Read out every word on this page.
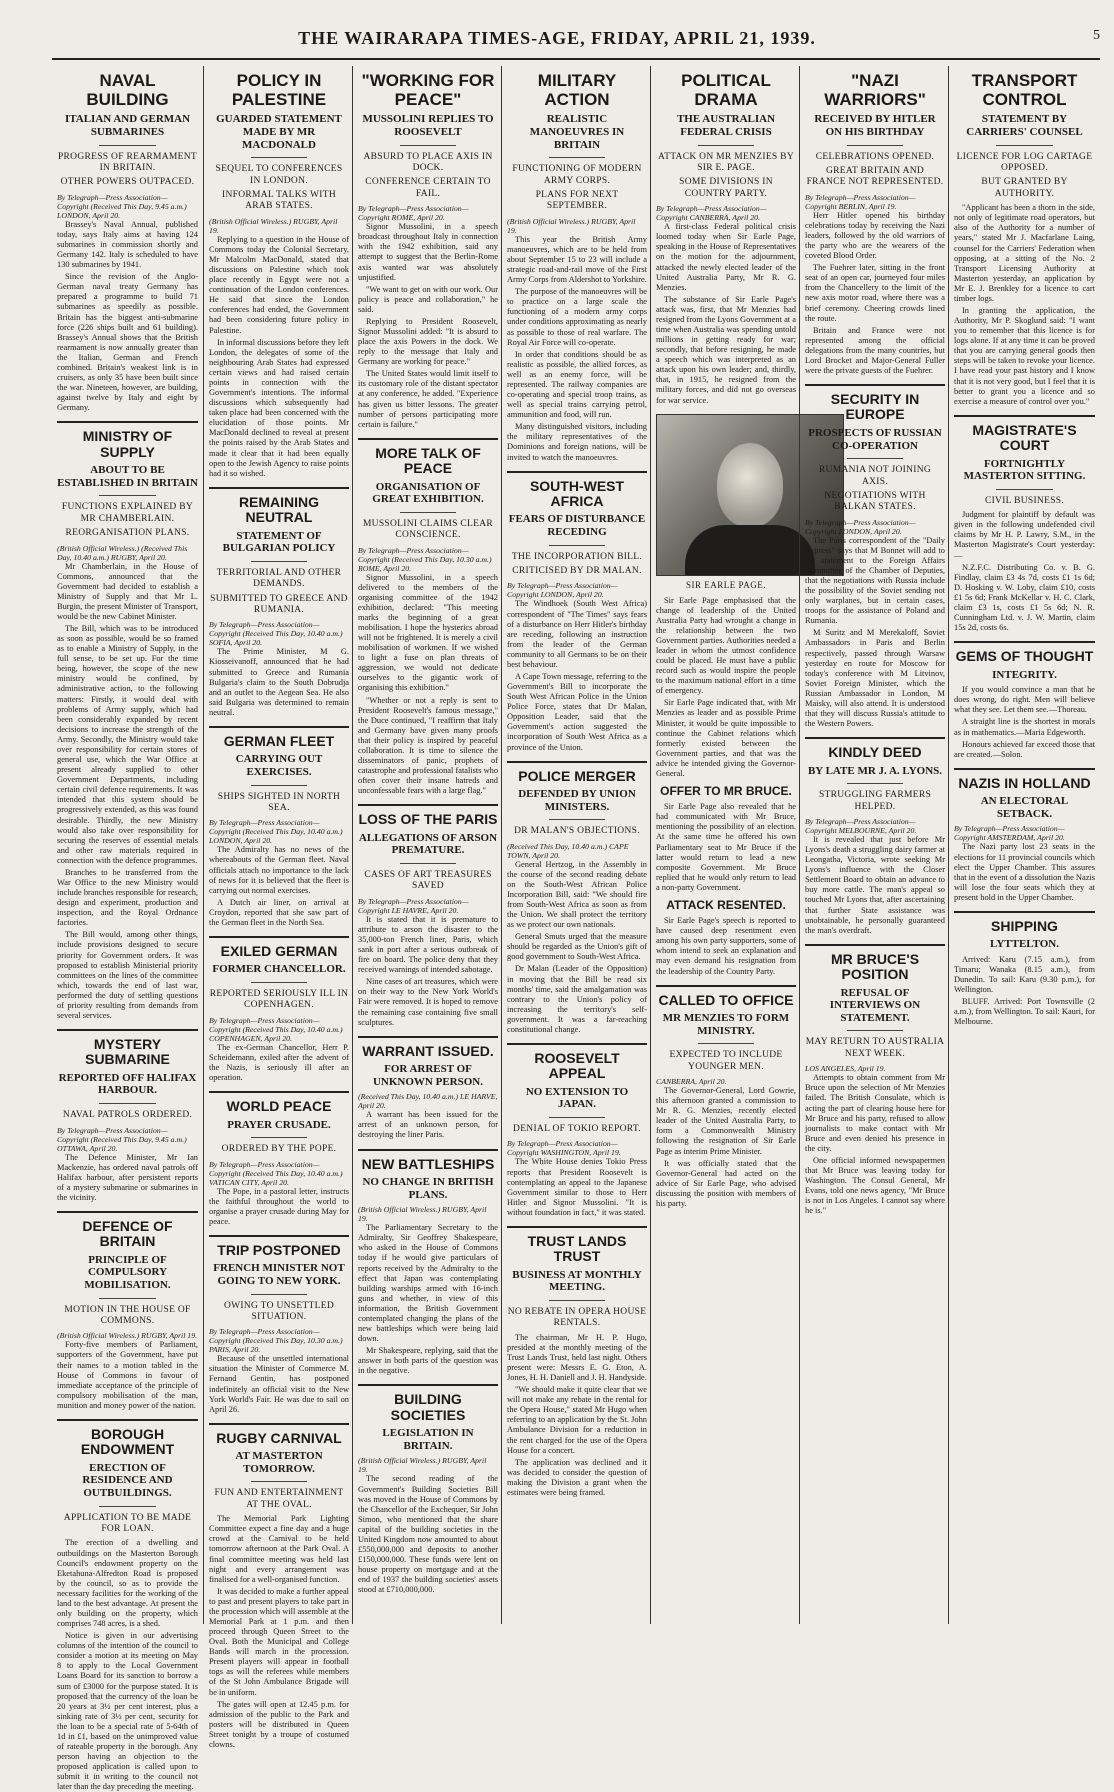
THE WAIRARAPA TIMES-AGE, FRIDAY, APRIL 21, 1939.	5
NAVAL BUILDING
ITALIAN AND GERMAN SUBMARINES
PROGRESS OF REARMAMENT IN BRITAIN.
OTHER POWERS OUTPACED.
By Telegraph—Press Association—Copyright (Received This Day, 9.45 a.m.) LONDON, April 20.

Brassey's Naval Annual, published today, says Italy aims at having 124 submarines in commission shortly and Germany 142. Italy is scheduled to have 130 submarines by 1941.

Since the revision of the Anglo-German naval treaty Germany has prepared a programme to build 71 submarines as speedily as possible. Britain has the biggest anti-submarine force (226 ships built and 61 building). Brassey's Annual shows that the British rearmament is now annually greater than the Italian, German and French combined. Britain's weakest link is in cruisers, as only 35 have been built since the war. Nineteen, however, are building, against twelve by Italy and eight by Germany.

MINISTRY OF SUPPLY
ABOUT TO BE ESTABLISHED IN BRITAIN
FUNCTIONS EXPLAINED BY MR CHAMBERLAIN.
REORGANISATION PLANS.
(British Official Wireless.) (Received This Day, 10.40 a.m.) RUGBY, April 20.

Mr Chamberlain, in the House of Commons, announced that the Government had decided to establish a Ministry of Supply and that Mr L. Burgin, the present Minister of Transport, would be the new Cabinet Minister.

The Bill, which was to be introduced as soon as possible, would be so framed as to enable a Ministry of Supply, in the full sense, to be set up. For the time being, however, the scope of the new ministry would be confined, by administrative action, to the following matters: Firstly, it would deal with problems of Army supply, which had been considerably expanded by recent decisions to increase the strength of the Army. Secondly, the Ministry would take over responsibility for certain stores of general use, which the War Office at present already supplied to other Government Departments, including certain civil defence requirements. It was intended that this system should be progressively extended, as this was found desirable. Thirdly, the new Ministry would also take over responsibility for securing the reserves of essential metals and other raw materials required in connection with the defence programmes.

Branches to be transferred from the War Office to the new Ministry would include branches responsible for research, design and experiment, production and inspection, and the Royal Ordnance factories.

The Bill would, among other things, include provisions designed to secure priority for Government orders. It was proposed to establish Ministerial priority committees on the lines of the committee which, towards the end of last war, performed the duty of settling questions of priority resulting from demands from several services.

MYSTERY SUBMARINE
REPORTED OFF HALIFAX HARBOUR.
NAVAL PATROLS ORDERED.
By Telegraph—Press Association—Copyright (Received This Day, 9.45 a.m.) OTTAWA, April 20.

The Defence Minister, Mr Ian Mackenzie, has ordered naval patrols off Halifax harbour, after persistent reports of a mystery submarine or submarines in the vicinity.

DEFENCE OF BRITAIN
PRINCIPLE OF COMPULSORY MOBILISATION.
MOTION IN THE HOUSE OF COMMONS.
(British Official Wireless.) RUGBY, April 19.

Forty-five members of Parliament, supporters of the Government, have put their names to a motion tabled in the House of Commons in favour of immediate acceptance of the principle of compulsory mobilisation of the man, munition and money power of the nation.

BOROUGH ENDOWMENT
ERECTION OF RESIDENCE AND OUTBUILDINGS.
APPLICATION TO BE MADE FOR LOAN.

The erection of a dwelling and outbuildings on the Masterton Borough Council's endowment property on the Eketahuna-Alfredton Road is proposed by the council, so as to provide the necessary facilities for the working of the land to the best advantage. At present the only building on the property, which comprises 748 acres, is a shed.

Notice is given in our advertising columns of the intention of the council to consider a motion at its meeting on May 8 to apply to the Local Government Loans Board for its sanction to borrow a sum of £3000 for the purpose stated. It is proposed that the currency of the loan be 20 years at 3½ per cent interest, plus a sinking rate of 3½ per cent, security for the loan to be a special rate of 5-64th of 1d in £1, based on the unimproved value of rateable property in the borough. Any person having an objection to the proposed application is called upon to submit it in writing to the council not later than the day preceding the meeting.

POLICY IN PALESTINE
GUARDED STATEMENT MADE BY MR MACDONALD
SEQUEL TO CONFERENCES IN LONDON.
INFORMAL TALKS WITH ARAB STATES.
(British Official Wireless.) RUGBY, April 19.

Replying to a question in the House of Commons today the Colonial Secretary, Mr Malcolm MacDonald, stated that discussions on Palestine which took place recently in Egypt were not a continuation of the London conferences. He said that since the London conferences had ended, the Government had been considering future policy in Palestine.

In informal discussions before they left London, the delegates of some of the neighbouring Arab States had expressed certain views and had raised certain points in connection with the Government's intentions. The informal discussions which subsequently had taken place had been concerned with the elucidation of those points. Mr MacDonald declined to reveal at present the points raised by the Arab States and made it clear that it had been equally open to the Jewish Agency to raise points had it so wished.

REMAINING NEUTRAL
STATEMENT OF BULGARIAN POLICY
TERRITORIAL AND OTHER DEMANDS.
SUBMITTED TO GREECE AND RUMANIA.
By Telegraph—Press Association—Copyright (Received This Day, 10.40 a.m.) SOFIA, April 20.

The Prime Minister, M G. Kiosseivanoff, announced that he had submitted to Greece and Rumania Bulgaria's claim to the South Dobrudja and an outlet to the Aegean Sea. He also said Bulgaria was determined to remain neutral.

GERMAN FLEET
CARRYING OUT EXERCISES.
SHIPS SIGHTED IN NORTH SEA.
By Telegraph—Press Association—Copyright (Received This Day, 10.40 a.m.) LONDON, April 20.

The Admiralty has no news of the whereabouts of the German fleet. Naval officials attach no importance to the lack of news for it is believed that the fleet is carrying out normal exercises.

A Dutch air liner, on arrival at Croydon, reported that she saw part of the German fleet in the North Sea.

EXILED GERMAN
FORMER CHANCELLOR.
REPORTED SERIOUSLY ILL IN COPENHAGEN.
By Telegraph—Press Association—Copyright (Received This Day, 10.40 a.m.) COPENHAGEN, April 20.

The ex-German Chancellor, Herr P. Scheidemann, exiled after the advent of the Nazis, is seriously ill after an operation.

WORLD PEACE
PRAYER CRUSADE.
ORDERED BY THE POPE.
By Telegraph—Press Association—Copyright (Received This Day, 10.40 a.m.) VATICAN CITY, April 20.

The Pope, in a pastoral letter, instructs the faithful throughout the world to organise a prayer crusade during May for peace.

TRIP POSTPONED
FRENCH MINISTER NOT GOING TO NEW YORK.
OWING TO UNSETTLED SITUATION.
By Telegraph—Press Association—Copyright (Received This Day, 10.30 a.m.) PARIS, April 20.

Because of the unsettled international situation the Minister of Commerce M. Fernand Gentin, has postponed indefinitely an official visit to the New York World's Fair. He was due to sail on April 26.

RUGBY CARNIVAL
AT MASTERTON TOMORROW.
FUN AND ENTERTAINMENT AT THE OVAL.

The Memorial Park Lighting Committee expect a fine day and a huge crowd at the Carnival to be held tomorrow afternoon at the Park Oval. A final committee meeting was held last night and every arrangement was finalised for a well-organised function.

It was decided to make a further appeal to past and present players to take part in the procession which will assemble at the Memorial Park at 1 p.m. and then proceed through Queen Street to the Oval. Both the Municipal and College Bands will march in the procession. Present players will appear in football togs as will the referees while members of the St John Ambulance Brigade will be in uniform.

The gates will open at 12.45 p.m. for admission of the public to the Park and posters will be distributed in Queen Street tonight by a troupe of costumed clowns.

"WORKING FOR PEACE"
MUSSOLINI REPLIES TO ROOSEVELT
ABSURD TO PLACE AXIS IN DOCK.
CONFERENCE CERTAIN TO FAIL.
By Telegraph—Press Association—Copyright ROME, April 20.

Signor Mussolini, in a speech broadcast throughout Italy in connection with the 1942 exhibition, said any attempt to suggest that the Berlin-Rome axis wanted war was absolutely unjustified.

"We want to get on with our work. Our policy is peace and collaboration," he said.

Replying to President Roosevelt, Signor Mussolini added: "It is absurd to place the axis Powers in the dock. We reply to the message that Italy and Germany are working for peace."

The United States would limit itself to its customary role of the distant spectator at any conference, he added. "Experience has given us bitter lessons. The greater number of persons participating more certain is failure."

MORE TALK OF PEACE
ORGANISATION OF GREAT EXHIBITION.
MUSSOLINI CLAIMS CLEAR CONSCIENCE.
By Telegraph—Press Association—Copyright (Received This Day, 10.30 a.m.) ROME, April 20.

Signor Mussolini, in a speech delivered to the members of the organising committee of the 1942 exhibition, declared: "This meeting marks the beginning of a great mobilisation. I hope the hysterics abroad will not be frightened. It is merely a civil mobilisation of workmen. If we wished to light a fuse on plan threats of aggression, we would not dedicate ourselves to the gigantic work of organising this exhibition."

"Whether or not a reply is sent to President Roosevelt's famous message," the Duce continued, "I reaffirm that Italy and Germany have given many proofs that their policy is inspired by peaceful collaboration. It is time to silence the disseminators of panic, prophets of catastrophe and professional fatalists who often cover their insane hatreds and unconfessable fears with a large flag."

LOSS OF THE PARIS
ALLEGATIONS OF ARSON PREMATURE.
CASES OF ART TREASURES SAVED
By Telegraph—Press Association—Copyright LE HAVRE, April 20.

It is stated that it is premature to attribute to arson the disaster to the 35,000-ton French liner, Paris, which sank in port after a serious outbreak of fire on board. The police deny that they received warnings of intended sabotage.

Nine cases of art treasures, which were on their way to the New York World's Fair were removed. It is hoped to remove the remaining case containing five small sculptures.

WARRANT ISSUED.
FOR ARREST OF UNKNOWN PERSON.
(Received This Day, 10.40 a.m.) LE HARVE, April 20.

A warrant has been issued for the arrest of an unknown person, for destroying the liner Paris.

NEW BATTLESHIPS
NO CHANGE IN BRITISH PLANS.
(British Official Wireless.) RUGBY, April 19.

The Parliamentary Secretary to the Admiralty, Sir Geoffrey Shakespeare, who asked in the House of Commons today if he would give particulars of reports received by the Admiralty to the effect that Japan was contemplating building warships armed with 16-inch guns and whether, in view of this information, the British Government contemplated changing the plans of the new battleships which were being laid down.

Mr Shakespeare, replying, said that the answer in both parts of the question was in the negative.

BUILDING SOCIETIES
LEGISLATION IN BRITAIN.
(British Official Wireless.) RUGBY, April 19.

The second reading of the Government's Building Societies Bill was moved in the House of Commons by the Chancellor of the Exchequer, Sir John Simon, who mentioned that the share capital of the building societies in the United Kingdom now amounted to about £550,000,000 and deposits to another £150,000,000. These funds were lent on house property on mortgage and at the end of 1937 the building societies' assets stood at £710,000,000.

MILITARY ACTION
REALISTIC MANOEUVRES IN BRITAIN
FUNCTIONING OF MODERN ARMY CORPS.
PLANS FOR NEXT SEPTEMBER.
(British Official Wireless.) RUGBY, April 19.

This year the British Army manoeuvres, which are to be held from about September 15 to 23 will include a strategic road-and-rail move of the First Army Corps from Aldershot to Yorkshire.

The purpose of the manoeuvres will be to practice on a large scale the functioning of a modern army corps under conditions approximating as nearly as possible to those of real warfare. The Royal Air Force will co-operate.

In order that conditions should be as realistic as possible, the allied forces, as well as an enemy force, will be represented. The railway companies are co-operating and special troop trains, as well as special trains carrying petrol, ammunition and food, will run.

Many distinguished visitors, including the military representatives of the Dominions and foreign nations, will be invited to watch the manoeuvres.

SOUTH-WEST AFRICA
FEARS OF DISTURBANCE RECEDING
THE INCORPORATION BILL.
CRITICISED BY DR MALAN.
By Telegraph—Press Association—Copyright LONDON, April 20.

The Windhoek (South West Africa) correspondent of "The Times" says fears of a disturbance on Herr Hitler's birthday are receding, following an instruction from the leader of the German community to all Germans to be on their best behaviour.

A Cape Town message, referring to the Government's Bill to incorporate the South West African Police in the Union Police Force, states that Dr Malan, Opposition Leader, said that the Government's action suggested the incorporation of South West Africa as a province of the Union.

POLICE MERGER
DEFENDED BY UNION MINISTERS.
DR MALAN'S OBJECTIONS.
(Received This Day, 10.40 a.m.) CAPE TOWN, April 20.

General Hertzog, in the Assembly in the course of the second reading debate on the South-West African Police Incorporation Bill, said: "We should fire from South-West Africa as soon as from the Union. We shall protect the territory as we protect our own nationals.

General Smuts urged that the measure should be regarded as the Union's gift of good government to South-West Africa.

Dr Malan (Leader of the Opposition) in moving that the Bill be read six months' time, said the amalgamation was contrary to the Union's policy of increasing the territory's self-government. It was a far-reaching constitutional change.

ROOSEVELT APPEAL
NO EXTENSION TO JAPAN.
DENIAL OF TOKIO REPORT.
By Telegraph—Press Association—Copyright WASHINGTON, April 19.

The White House denies Tokio Press reports that President Roosevelt is contemplating an appeal to the Japanese Government similar to those to Herr Hitler and Signor Mussolini. "It is without foundation in fact," it was stated.

TRUST LANDS TRUST
BUSINESS AT MONTHLY MEETING.
NO REBATE IN OPERA HOUSE RENTALS.

The chairman, Mr H. P. Hugo, presided at the monthly meeting of the Trust Lands Trust, held last night. Others present were: Messrs E. G. Eton, A. Jones, H. H. Daniell and J. H. Handyside.

"We should make it quite clear that we will not make any rebate in the rental for the Opera House," stated Mr Hugo when referring to an application by the St. John Ambulance Division for a reduction in the rent charged for the use of the Opera House for a concert.

The application was declined and it was decided to consider the question of making the Division a grant when the estimates were being framed.

POLITICAL DRAMA
THE AUSTRALIAN FEDERAL CRISIS
ATTACK ON MR MENZIES BY SIR E. PAGE.
SOME DIVISIONS IN COUNTRY PARTY.
By Telegraph—Press Association—Copyright CANBERRA, April 20.

A first-class Federal political crisis loomed today when Sir Earle Page, speaking in the House of Representatives on the motion for the adjournment, attacked the newly elected leader of the United Australia Party, Mr R. G. Menzies.

The substance of Sir Earle Page's attack was, first, that Mr Menzies had resigned from the Lyons Government at a time when Australia was spending untold millions in getting ready for war; secondly, that before resigning, he made a speech which was interpreted as an attack upon his own leader; and, thirdly, that, in 1915, he resigned from the military forces, and did not go overseas for war service.

SIR EARLE PAGE.

Sir Earle Page emphasised that the change of leadership of the United Australia Party had wrought a change in the relationship between the two Government parties. Authorities needed a leader in whom the utmost confidence could be placed. He must have a public record such as would inspire the people to the maximum national effort in a time of emergency.

Sir Earle Page indicated that, with Mr Menzies as leader and as possible Prime Minister, it would be quite impossible to continue the Cabinet relations which formerly existed between the Government parties, and that was the advice he intended giving the Governor-General.

OFFER TO MR BRUCE.

Sir Earle Page also revealed that he had communicated with Mr Bruce, mentioning the possibility of an election. At the same time he offered his own Parliamentary seat to Mr Bruce if the latter would return to lead a new composite Government. Mr Bruce replied that he would only return to lead a non-party Government.

ATTACK RESENTED.

Sir Earle Page's speech is reported to have caused deep resentment even among his own party supporters, some of whom intend to seek an explanation and may even demand his resignation from the leadership of the Country Party.

CALLED TO OFFICE
MR MENZIES TO FORM MINISTRY.
EXPECTED TO INCLUDE YOUNGER MEN.
CANBERRA, April 20.

The Governor-General, Lord Gowrie, this afternoon granted a commission to Mr R. G. Menzies, recently elected leader of the United Australia Party, to form a Commonwealth Ministry following the resignation of Sir Earle Page as interim Prime Minister.

It was officially stated that the Governor-General had acted on the advice of Sir Earle Page, who advised discussing the position with members of his party.

"NAZI WARRIORS"
RECEIVED BY HITLER ON HIS BIRTHDAY
CELEBRATIONS OPENED.
GREAT BRITAIN AND FRANCE NOT REPRESENTED.
By Telegraph—Press Association—Copyright BERLIN, April 19.

Herr Hitler opened his birthday celebrations today by receiving the Nazi leaders, followed by the old warriors of the party who are the wearers of the coveted Blood Order.

The Fuehrer later, sitting in the front seat of an open car, journeyed four miles from the Chancellery to the limit of the new axis motor road, where there was a brief ceremony. Cheering crowds lined the route.

Britain and France were not represented among the official delegations from the many countries, but Lord Brocket and Major-General Fuller were the private guests of the Fuehrer.

SECURITY IN EUROPE
PROSPECTS OF RUSSIAN CO-OPERATION
RUMANIA NOT JOINING AXIS.
NEGOTIATIONS WITH BALKAN STATES.
By Telegraph—Press Association—Copyright LONDON, April 20.

The Paris correspondent of the "Daily Express" says that M Bonnet will add to his statement to the Foreign Affairs Committee of the Chamber of Deputies, that the negotiations with Russia include the possibility of the Soviet sending not only warplanes, but in certain cases, troops for the assistance of Poland and Rumania.

M Suritz and M Merekaloff, Soviet Ambassadors in Paris and Berlin respectively, passed through Warsaw yesterday en route for Moscow for today's conference with M Litvinov, Soviet Foreign Minister, which the Russian Ambassador in London, M Maisky, will also attend. It is understood that they will discuss Russia's attitude to the Western Powers.

KINDLY DEED
BY LATE MR J. A. LYONS.
STRUGGLING FARMERS HELPED.
By Telegraph—Press Association—Copyright MELBOURNE, April 20.

It is revealed that just before Mr Lyons's death a struggling dairy farmer at Leongatha, Victoria, wrote seeking Mr Lyons's influence with the Closer Settlement Board to obtain an advance to buy more cattle. The man's appeal so touched Mr Lyons that, after ascertaining that further State assistance was unobtainable, he personally guaranteed the man's overdraft.

MR BRUCE'S POSITION
REFUSAL OF INTERVIEWS ON STATEMENT.
MAY RETURN TO AUSTRALIA NEXT WEEK.
LOS ANGELES, April 19.

Attempts to obtain comment from Mr Bruce upon the selection of Mr Menzies failed. The British Consulate, which is acting the part of clearing house here for Mr Bruce and his party, refused to allow journalists to make contact with Mr Bruce and even denied his presence in the city.

One official informed newspapermen that Mr Bruce was leaving today for Washington. The Consul General, Mr Evans, told one news agency, "Mr Bruce is not in Los Angeles. I cannot say where he is."

TRANSPORT CONTROL
STATEMENT BY CARRIERS' COUNSEL
LICENCE FOR LOG CARTAGE OPPOSED.
BUT GRANTED BY AUTHORITY.

"Applicant has been a thorn in the side, not only of legitimate road operators, but also of the Authority for a number of years," stated Mr J. Macfarlane Laing, counsel for the Carriers' Federation when opposing, at a sitting of the No. 2 Transport Licensing Authority at Masterton yesterday, an application by Mr E. J. Brenkley for a licence to cart timber logs.

In granting the application, the Authority, Mr P. Skoglund said: "I want you to remember that this licence is for logs alone. If at any time it can be proved that you are carrying general goods then steps will be taken to revoke your licence. I have read your past history and I know that it is not very good, but I feel that it is better to grant you a licence and so exercise a measure of control over you."

MAGISTRATE'S COURT
FORTNIGHTLY MASTERTON SITTING.
CIVIL BUSINESS.

Judgment for plaintiff by default was given in the following undefended civil claims by Mr H. P. Lawry, S.M., in the Masterton Magistrate's Court yesterday:—

N.Z.F.C. Distributing Co. v. B. G. Findlay, claim £3 4s 7d, costs £1 1s 6d; D. Hosking v. W. Loby, claim £10, costs £1 5s 6d; Frank McKellar v. H. C. Clark, claim £3 1s, costs £1 5s 6d; N. R. Cunningham Ltd. v. J. W. Martin, claim 15s 2d, costs 6s.

GEMS OF THOUGHT
INTEGRITY.

If you would convince a man that he does wrong, do right. Men will believe what they see. Let them see.—Thoreau.

A straight line is the shortest in morals as in mathematics.—Maria Edgeworth.

Honours achieved far exceed those that are created.—Solon.

NAZIS IN HOLLAND
AN ELECTORAL SETBACK.
By Telegraph—Press Association—Copyright AMSTERDAM, April 20.

The Nazi party lost 23 seats in the elections for 11 provincial councils which elect the Upper Chamber. This assures that in the event of a dissolution the Nazis will lose the four seats which they at present hold in the Upper Chamber.

SHIPPING
LYTTELTON.

Arrived: Karu (7.15 a.m.), from Timaru; Wanaka (8.15 a.m.), from Dunedin. To sail: Karu (9.30 p.m.), for Wellington.

BLUFF. Arrived: Port Townsville (2 a.m.), from Wellington. To sail: Kauri, for Melbourne.
